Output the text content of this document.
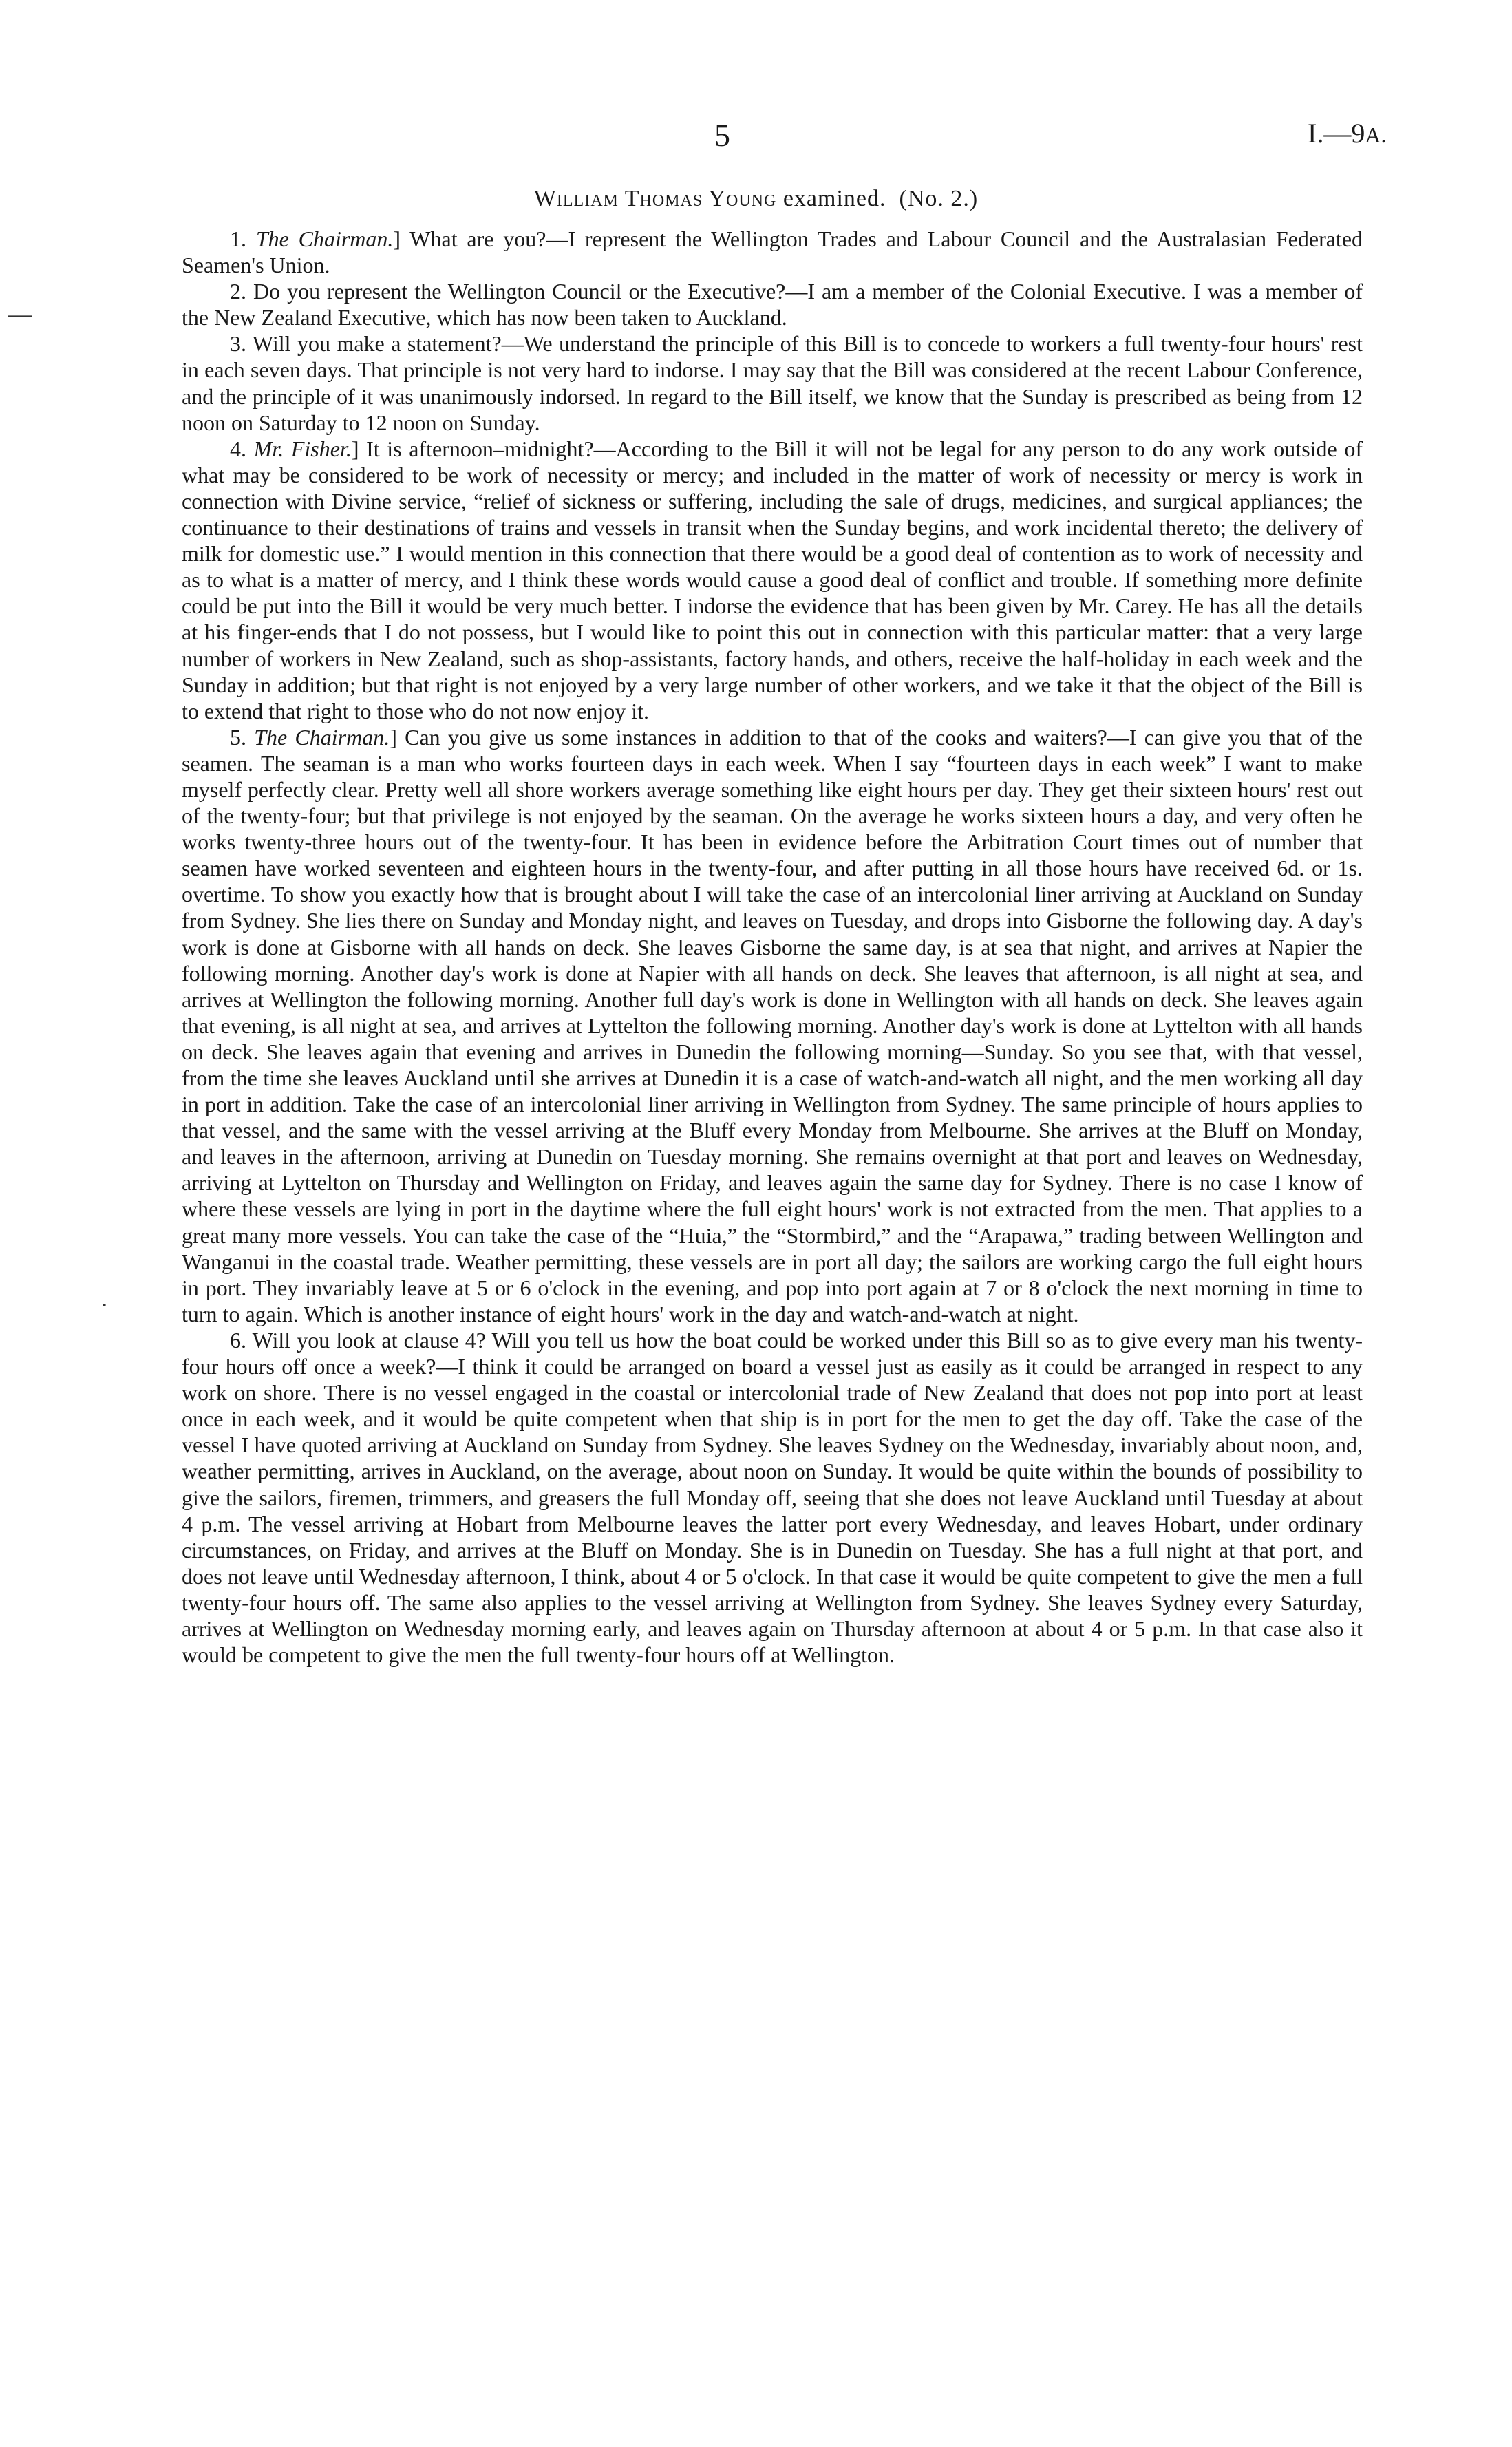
—
·
5	I.—9A.
William Thomas Young examined. (No. 2.)

1. The Chairman.] What are you?—I represent the Wellington Trades and Labour Council and the Australasian Federated Seamen's Union.

2. Do you represent the Wellington Council or the Executive?—I am a member of the Colonial Executive. I was a member of the New Zealand Executive, which has now been taken to Auckland.

3. Will you make a statement?—We understand the principle of this Bill is to concede to workers a full twenty-four hours' rest in each seven days. That principle is not very hard to indorse. I may say that the Bill was considered at the recent Labour Conference, and the principle of it was unanimously indorsed. In regard to the Bill itself, we know that the Sunday is prescribed as being from 12 noon on Saturday to 12 noon on Sunday.

4. Mr. Fisher.] It is afternoon–midnight?—According to the Bill it will not be legal for any person to do any work outside of what may be considered to be work of necessity or mercy; and included in the matter of work of necessity or mercy is work in connection with Divine service, “relief of sickness or suffering, including the sale of drugs, medicines, and surgical appliances; the continuance to their destinations of trains and vessels in transit when the Sunday begins, and work incidental thereto; the delivery of milk for domestic use.” I would mention in this connection that there would be a good deal of contention as to work of necessity and as to what is a matter of mercy, and I think these words would cause a good deal of conflict and trouble. If something more definite could be put into the Bill it would be very much better. I indorse the evidence that has been given by Mr. Carey. He has all the details at his finger-ends that I do not possess, but I would like to point this out in connection with this particular matter: that a very large number of workers in New Zealand, such as shop-assistants, factory hands, and others, receive the half-holiday in each week and the Sunday in addition; but that right is not enjoyed by a very large number of other workers, and we take it that the object of the Bill is to extend that right to those who do not now enjoy it.

5. The Chairman.] Can you give us some instances in addition to that of the cooks and waiters?—I can give you that of the seamen. The seaman is a man who works fourteen days in each week. When I say “fourteen days in each week” I want to make myself perfectly clear. Pretty well all shore workers average something like eight hours per day. They get their sixteen hours' rest out of the twenty-four; but that privilege is not enjoyed by the seaman. On the average he works sixteen hours a day, and very often he works twenty-three hours out of the twenty-four. It has been in evidence before the Arbitration Court times out of number that seamen have worked seventeen and eighteen hours in the twenty-four, and after putting in all those hours have received 6d. or 1s. overtime. To show you exactly how that is brought about I will take the case of an intercolonial liner arriving at Auckland on Sunday from Sydney. She lies there on Sunday and Monday night, and leaves on Tuesday, and drops into Gisborne the following day. A day's work is done at Gisborne with all hands on deck. She leaves Gisborne the same day, is at sea that night, and arrives at Napier the following morning. Another day's work is done at Napier with all hands on deck. She leaves that afternoon, is all night at sea, and arrives at Wellington the following morning. Another full day's work is done in Wellington with all hands on deck. She leaves again that evening, is all night at sea, and arrives at Lyttelton the following morning. Another day's work is done at Lyttelton with all hands on deck. She leaves again that evening and arrives in Dunedin the following morning—Sunday. So you see that, with that vessel, from the time she leaves Auckland until she arrives at Dunedin it is a case of watch-and-watch all night, and the men working all day in port in addition. Take the case of an intercolonial liner arriving in Wellington from Sydney. The same principle of hours applies to that vessel, and the same with the vessel arriving at the Bluff every Monday from Melbourne. She arrives at the Bluff on Monday, and leaves in the afternoon, arriving at Dunedin on Tuesday morning. She remains overnight at that port and leaves on Wednesday, arriving at Lyttelton on Thursday and Wellington on Friday, and leaves again the same day for Sydney. There is no case I know of where these vessels are lying in port in the daytime where the full eight hours' work is not extracted from the men. That applies to a great many more vessels. You can take the case of the “Huia,” the “Stormbird,” and the “Arapawa,” trading between Wellington and Wanganui in the coastal trade. Weather permitting, these vessels are in port all day; the sailors are working cargo the full eight hours in port. They invariably leave at 5 or 6 o'clock in the evening, and pop into port again at 7 or 8 o'clock the next morning in time to turn to again. Which is another instance of eight hours' work in the day and watch-and-watch at night.

6. Will you look at clause 4? Will you tell us how the boat could be worked under this Bill so as to give every man his twenty-four hours off once a week?—I think it could be arranged on board a vessel just as easily as it could be arranged in respect to any work on shore. There is no vessel engaged in the coastal or intercolonial trade of New Zealand that does not pop into port at least once in each week, and it would be quite competent when that ship is in port for the men to get the day off. Take the case of the vessel I have quoted arriving at Auckland on Sunday from Sydney. She leaves Sydney on the Wednesday, invariably about noon, and, weather permitting, arrives in Auckland, on the average, about noon on Sunday. It would be quite within the bounds of possibility to give the sailors, firemen, trimmers, and greasers the full Monday off, seeing that she does not leave Auckland until Tuesday at about 4 p.m. The vessel arriving at Hobart from Melbourne leaves the latter port every Wednesday, and leaves Hobart, under ordinary circumstances, on Friday, and arrives at the Bluff on Monday. She is in Dunedin on Tuesday. She has a full night at that port, and does not leave until Wednesday afternoon, I think, about 4 or 5 o'clock. In that case it would be quite competent to give the men a full twenty-four hours off. The same also applies to the vessel arriving at Wellington from Sydney. She leaves Sydney every Saturday, arrives at Wellington on Wednesday morning early, and leaves again on Thursday afternoon at about 4 or 5 p.m. In that case also it would be competent to give the men the full twenty-four hours off at Wellington.
